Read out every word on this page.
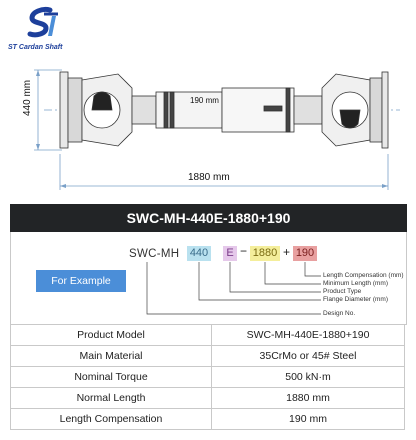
ST Cardan Shaft
440 mm	190 mm
1880 mm
SWC-MH-440E-1880+190
For Example
SWC-MH 440	E − 1880 + 190
Length Compensation (mm)
Minimum Length (mm)
Product Type
Flange Diameter (mm)
Design No.
Product Model	SWC-MH-440E-1880+190
Main Material	35CrMo or 45# Steel
Nominal Torque	500 kN·m
Normal Length	1880 mm
Length Compensation	190 mm
